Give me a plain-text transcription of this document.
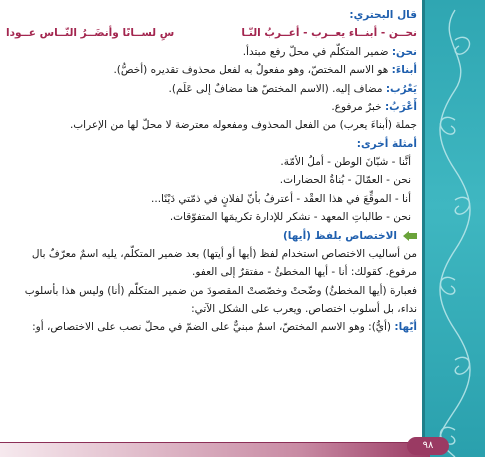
قال البحتري:
نحــن - أبنــاء يعــرب - أعــربُ النّـا
سِ لســانًا وأنضَــرُ النّــاس عــودا
نحن: ضمير المتكلّم في محلّ رفع مبتدأ.
أبناءَ: هو الاسم المختصّ، وهو مفعولٌ به لفعل محذوف تقديره (أخصُّ).
يَعْرُب: مضاف إليه. (الاسم المختصّ هنا مضافٌ إلى عَلَم).
أَعْرَبُ: خبرٌ مرفوع.
جملة (أبناءَ يعرب) من الفعل المحذوف ومفعوله معترضة لا محلّ لها من الإعراب.
أمثلة أخرى:
أنَّنا - شبّانَ الوطن - أملُ الأمّة.
نحن - العمّالَ - بُناةُ الحضارات.
أنا - الموقِّعَ في هذا العقْد - أعترفُ بأنّ لفلانٍ في ذمّتي دَيْنًا...
نحن - طالباتِ المعهد - نشكر للإدارة تكريمَها المتفوّقات.
الاختصاص بلفظ (أيها)
من أساليب الاختصاص استخدام لفظ (أيها أو أيتها) بعد ضمير المتكلّم، يليه اسمٌ معرّفٌ بال
مرفوع. كقولك: أنا - أيها المخطئُ - مفتقرٌ إلى العفو.
فعبارة (أيها المخطئُ) وضّحتْ وخصّصتْ المقصودَ من ضمير المتكلّم (أنا) وليس هذا بأسلوب
نداء، بل أسلوب اختصاص. ويعرب على الشكل الآتي:
أيّها: (أيُّ): وهو الاسم المختصّ، اسمٌ مبنيٌّ على الضمّ في محلّ نصب على الاختصاص، أو:
٩٨
